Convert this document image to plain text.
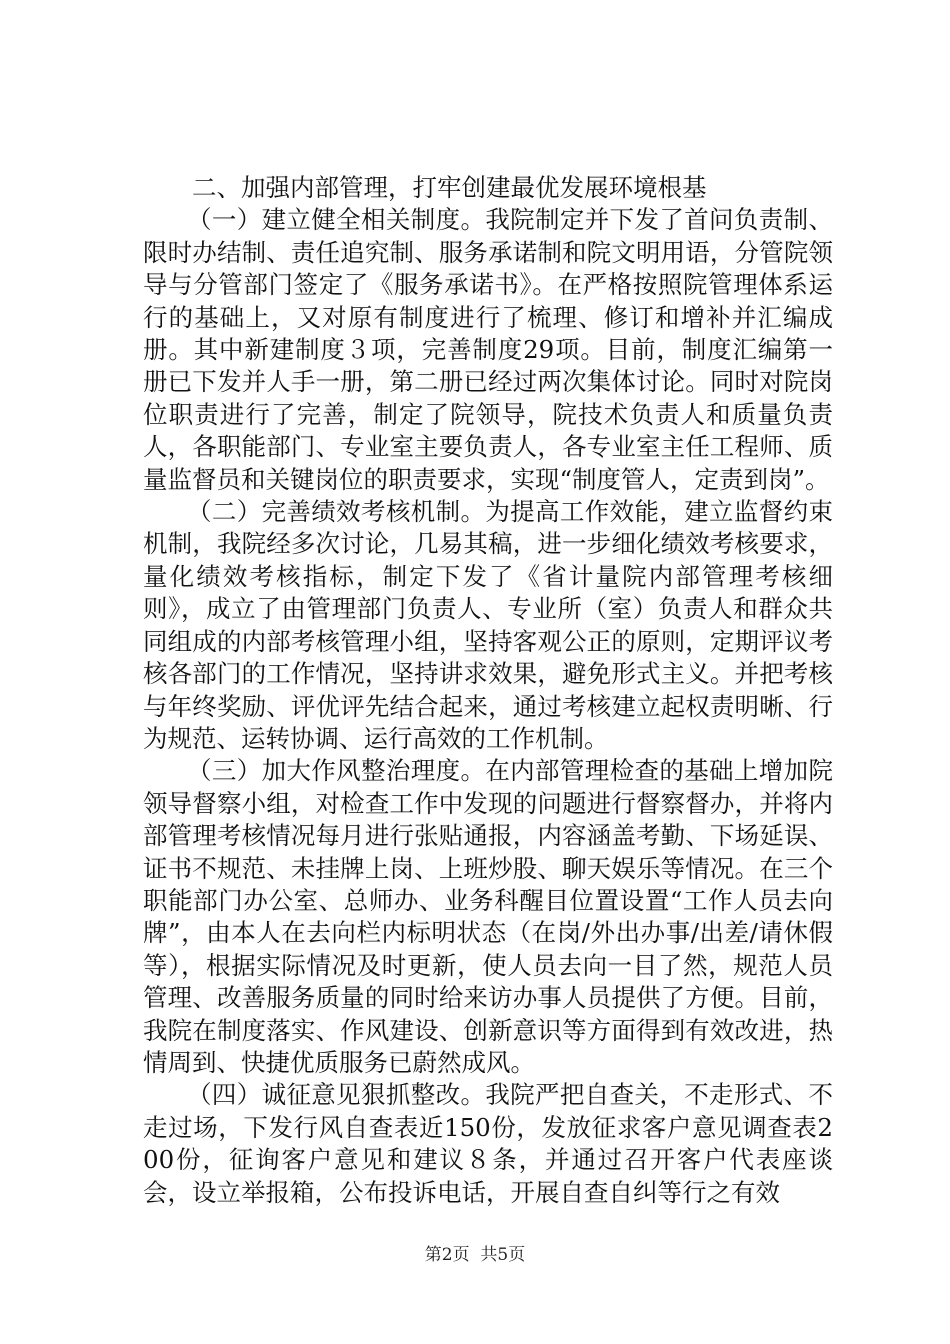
二、加强内部管理，打牢创建最优发展环境根基

（一）建立健全相关制度。我院制定并下发了首问负责制、限时办结制、责任追究制、服务承诺制和院文明用语，分管院领导与分管部门签定了《服务承诺书》。在严格按照院管理体系运行的基础上，又对原有制度进行了梳理、修订和增补并汇编成册。其中新建制度３项，完善制度29项。目前，制度汇编第一册已下发并人手一册，第二册已经过两次集体讨论。同时对院岗位职责进行了完善，制定了院领导，院技术负责人和质量负责人，各职能部门、专业室主要负责人，各专业室主任工程师、质量监督员和关键岗位的职责要求，实现“制度管人，定责到岗”。

（二）完善绩效考核机制。为提高工作效能，建立监督约束机制，我院经多次讨论，几易其稿，进一步细化绩效考核要求，量化绩效考核指标，制定下发了《省计量院内部管理考核细则》，成立了由管理部门负责人、专业所（室）负责人和群众共同组成的内部考核管理小组，坚持客观公正的原则，定期评议考核各部门的工作情况，坚持讲求效果，避免形式主义。并把考核与年终奖励、评优评先结合起来，通过考核建立起权责明晰、行为规范、运转协调、运行高效的工作机制。

（三）加大作风整治理度。在内部管理检查的基础上增加院领导督察小组，对检查工作中发现的问题进行督察督办，并将内部管理考核情况每月进行张贴通报，内容涵盖考勤、下场延误、证书不规范、未挂牌上岗、上班炒股、聊天娱乐等情况。在三个职能部门办公室、总师办、业务科醒目位置设置“工作人员去向牌”，由本人在去向栏内标明状态（在岗/外出办事/出差/请休假等），根据实际情况及时更新，使人员去向一目了然，规范人员管理、改善服务质量的同时给来访办事人员提供了方便。目前，我院在制度落实、作风建设、创新意识等方面得到有效改进，热情周到、快捷优质服务已蔚然成风。

（四）诚征意见狠抓整改。我院严把自查关，不走形式、不走过场，下发行风自查表近150份，发放征求客户意见调查表200份，征询客户意见和建议８条，并通过召开客户代表座谈会，设立举报箱，公布投诉电话，开展自查自纠等行之有效

第2页  共5页
